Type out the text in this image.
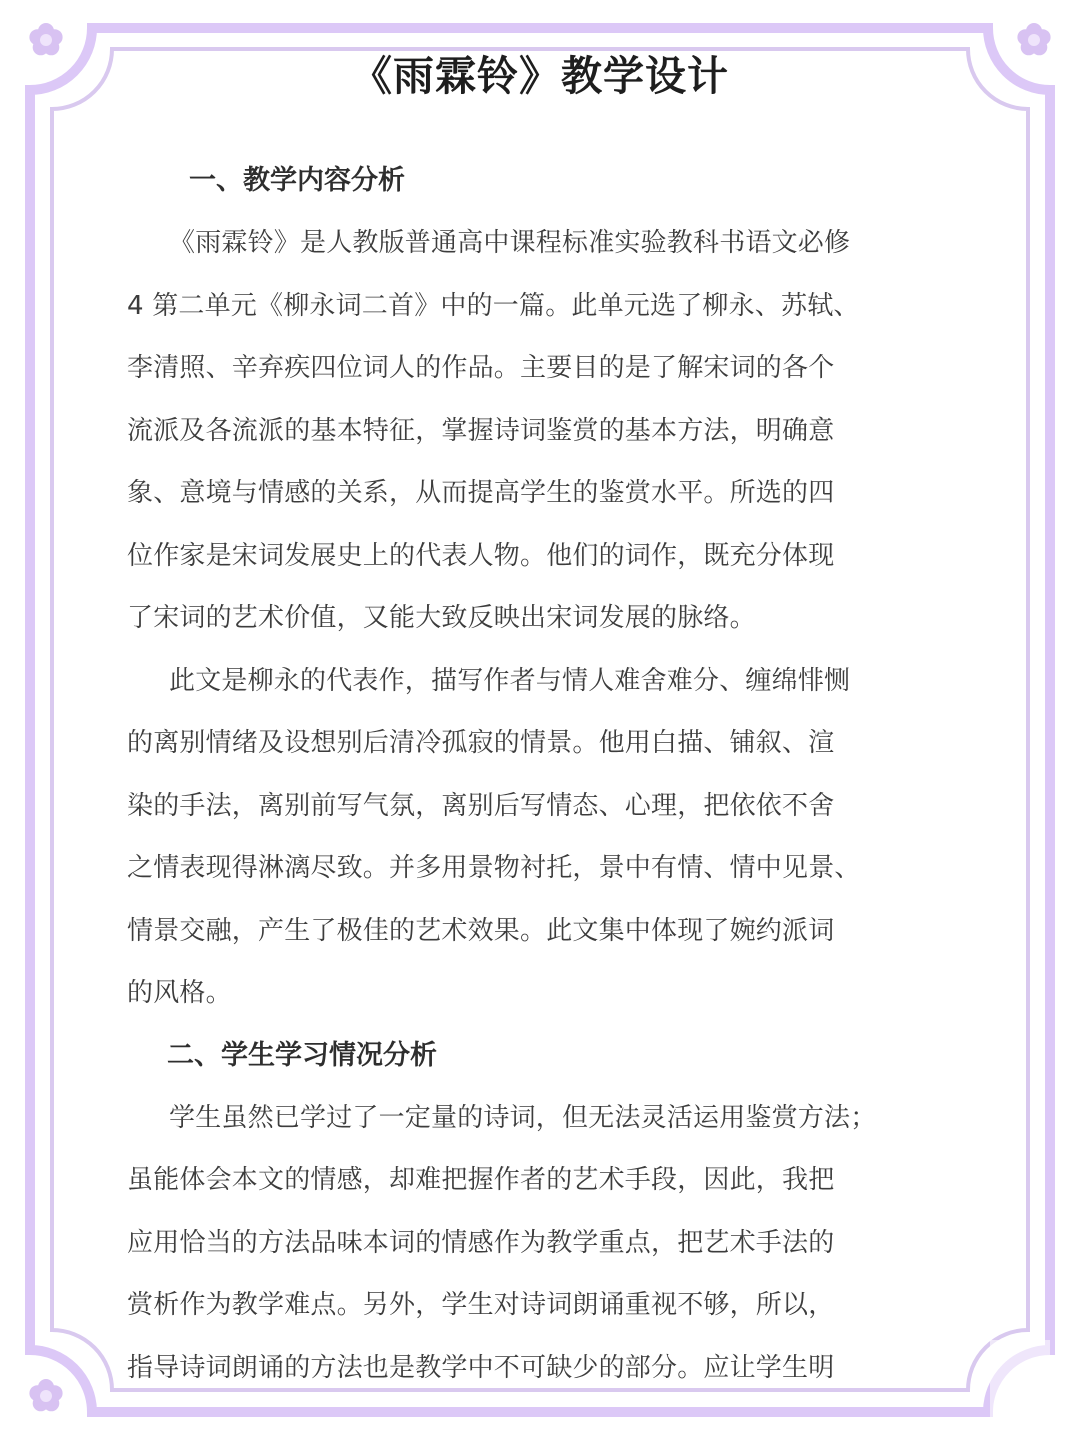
《雨霖铃》教学设计
一、教学内容分析
《雨霖铃》是人教版普通高中课程标准实验教科书语文必修
4 第二单元《柳永词二首》中的一篇。此单元选了柳永、苏轼、
李清照、辛弃疾四位词人的作品。主要目的是了解宋词的各个
流派及各流派的基本特征，掌握诗词鉴赏的基本方法，明确意
象、意境与情感的关系，从而提高学生的鉴赏水平。所选的四
位作家是宋词发展史上的代表人物。他们的词作，既充分体现
了宋词的艺术价值，又能大致反映出宋词发展的脉络。
此文是柳永的代表作，描写作者与情人难舍难分、缠绵悱恻
的离别情绪及设想别后清冷孤寂的情景。他用白描、铺叙、渲
染的手法，离别前写气氛，离别后写情态、心理，把依依不舍
之情表现得淋漓尽致。并多用景物衬托，景中有情、情中见景、
情景交融，产生了极佳的艺术效果。此文集中体现了婉约派词
的风格。
二、学生学习情况分析
学生虽然已学过了一定量的诗词，但无法灵活运用鉴赏方法；
虽能体会本文的情感，却难把握作者的艺术手段，因此，我把
应用恰当的方法品味本词的情感作为教学重点，把艺术手法的
赏析作为教学难点。另外，学生对诗词朗诵重视不够，所以，
指导诗词朗诵的方法也是教学中不可缺少的部分。应让学生明
